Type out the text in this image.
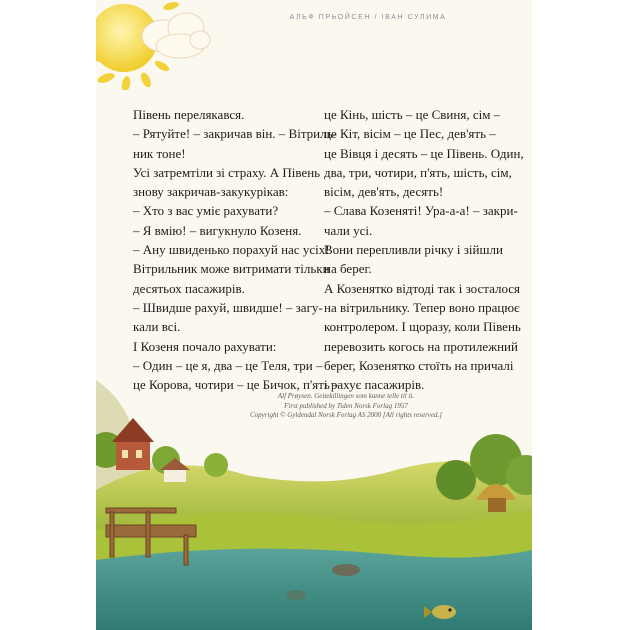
АЛЬФ ПРЬОЙСЕН / ІВАН СУЛИМА
Півень перелякався.
– Рятуйте! – закричав він. – Вітриль-
ник тоне!
Усі затремтіли зі страху. А Півень
знову закричав-закукурікав:
– Хто з вас уміє рахувати?
– Я вмію! – вигукнуло Козеня.
– Ану швиденько порахуй нас усіх!
Вітрильник може витримати тільки
десятьох пасажирів.
– Швидше рахуй, швидше! – загу-
кали всі.
І Козеня почало рахувати:
– Один – це я, два – це Теля, три –
це Корова, чотири – це Бичок, п'ять –
це Кінь, шість – це Свиня, сім –
це Кіт, вісім – це Пес, дев'ять –
це Вівця і десять – це Півень. Один,
два, три, чотири, п'ять, шість, сім,
вісім, дев'ять, десять!
– Слава Козеняті! Ура-а-а! – закри-
чали усі.
Вони перепливли річку і зійшли
на берег.
А Козенятко відтоді так і зосталося
на вітрильнику. Тепер воно працює
контролером. І щоразу, коли Півень
перевозить когось на протилежний
берег, Козенятко стоїть на причалі
і рахує пасажирів.
Alf Prøysen. Geitekillingen som kunne telle til ti.
First published by Tiden Norsk Forlag 1957
Copyright © Gyldendal Norsk Forlag AS 2000 [All rights reserved.]
